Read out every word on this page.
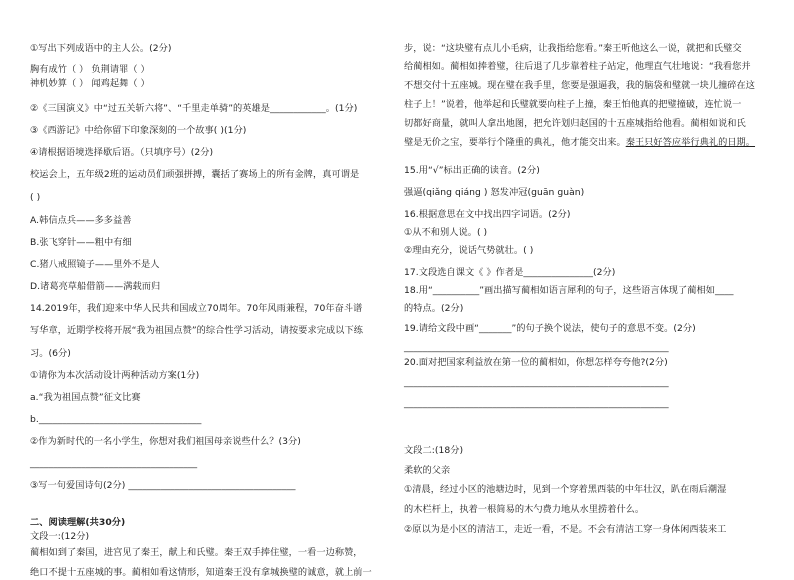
①写出下列成语中的主人公。(2分)
胸有成竹（ ） 负荆请罪（ ）
神机妙算（ ） 闻鸡起舞（ ）
②《三国演义》中“过五关斩六将”、“千里走单骑”的英雄是____________。(1分)
③《西游记》中给你留下印象深刻的一个故事( )(1分)
④请根据语境选择歇后语。（只填序号）(2分)
校运会上，五年级2班的运动员们顽强拼搏，囊括了赛场上的所有金牌，真可谓是
( )
A.韩信点兵——多多益善
B.张飞穿针——粗中有细
C.猪八戒照镜子——里外不是人
D.诸葛亮草船借箭——满载而归
14.2019年，我们迎来中华人民共和国成立70周年。70年风雨兼程，70年奋斗谱
写华章，近期学校将开展“我为祖国点赞”的综合性学习活动，请按要求完成以下练
习。(6分)
①请你为本次活动设计两种活动方案(1分)
a.“我为祖国点赞”征文比赛
b.___________________________________
②作为新时代的一名小学生，你想对我们祖国母亲说些什么？(3分)
____________________________________
③写一句爱国诗句(2分) ____________________________________
二、阅读理解(共30分)
文段一:(12分)
蔺相如到了秦国，进宫见了秦王，献上和氏璧。秦王双手捧住璧，一看一边称赞，
绝口不提十五座城的事。蔺相如看这情形，知道秦王没有拿城换璧的诚意，就上前一
步，说：“这块璧有点儿小毛病，让我指给您看。”秦王听他这么一说，就把和氏璧交
给蔺相如。蔺相如捧着璧，往后退了几步靠着柱子站定，他理直气壮地说：“我看您并
不想交付十五座城。现在璧在我手里，您要是强逼我，我的脑袋和璧就一块儿撞碎在这
柱子上！”说着，他举起和氏璧就要向柱子上撞，秦王怕他真的把璧撞破，连忙说一
切都好商量，就叫人拿出地图，把允许划归赵国的十五座城指给他看。蔺相如说和氏
璧是无价之宝，要举行个隆重的典礼，他才能交出来。秦王只好答应举行典礼的日期。
15.用“√”标出正确的读音。(2分)
强逼(qiǎng qiáng ) 怒发冲冠(guān guàn)
16.根据意思在文中找出四字词语。(2分)
①从不和别人说。( )
②理由充分，说话气势就壮。( )
17.文段选自课文《 》作者是_______________(2分)
18.用“__________”画出描写蔺相如语言犀利的句子，这些语言体现了蔺相如____
的特点。(2分)
19.请给文段中画“_______”的句子换个说法，使句子的意思不变。(2分)
_________________________________________________________
20.面对把国家利益放在第一位的蔺相如，你想怎样夸夸他?(2分)
_________________________________________________________
_________________________________________________________
文段二:(18分)
柔软的父亲
①清晨，经过小区的池塘边时，见到一个穿着黑西装的中年壮汉，趴在雨后潮湿
的木栏杆上，执着一根简易的木勺费力地从水里捞着什么。
②原以为是小区的清洁工，走近一看，不是。不会有清洁工穿一身体闲西装来工
